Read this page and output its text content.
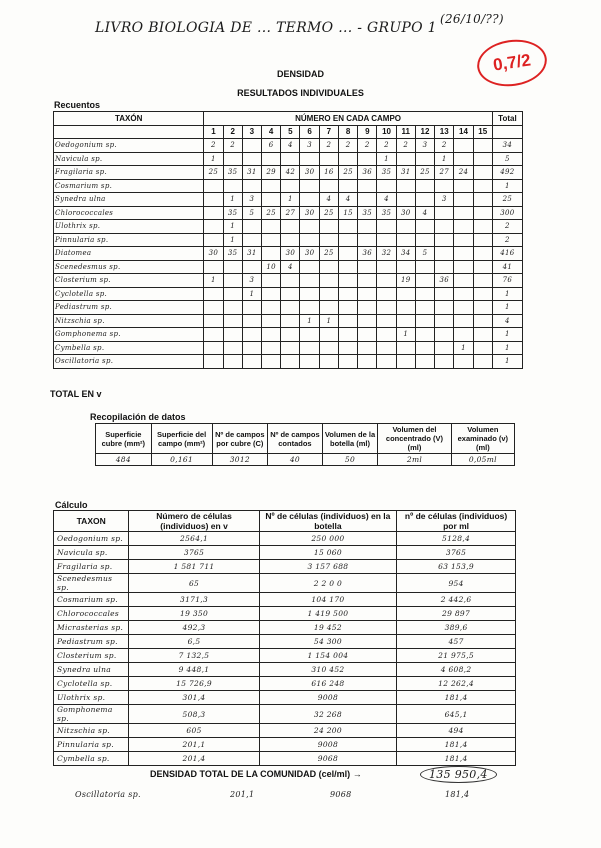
LIVRO BIOLOGIA DE ... TERMO ... - GRUPO 1
(26/10/??)
0,7/2
DENSIDAD
RESULTADOS INDIVIDUALES
Recuentos
TAXÓN	NÚMERO EN CADA CAMPO															Total
	1	2	3	4	5	6	7	8	9	10	11	12	13	14	15	
Oedogonium sp.	2	2		6	4	3	2	2	2	2	2	3	2			34
Navicula sp.	1									1			1			5
Fragilaria sp.	25	35	31	29	42	30	16	25	36	35	31	25	27	24		492
Cosmarium sp.																1
Synedra ulna		1	3		1		4	4		4			3			25
Chlorococcales		35	5	25	27	30	25	15	35	35	30	4				300
Ulothrix sp.		1														2
Pinnularia sp.		1														2
Diatomea	30	35	31		30	30	25		36	32	34	5				416
Scenedesmus sp.				10	4											41
Closterium sp.	1		3								19		36			76
Cyclotella sp.			1													1
Pediastrum sp.																1
Nitzschia sp.						1	1									4
Gomphonema sp.											1					1
Cymbella sp.														1		1
Oscillatoria sp.																1
TOTAL EN v
Recopilación de datos
Superficie cubre (mm²)	Superficie del campo (mm²)	Nº de campos por cubre (C)	Nº de campos contados	Volumen de la botella (ml)	Volumen del concentrado (V) (ml)	Volumen examinado (v) (ml)
484	0,161	3012	40	50	2ml	0,05ml
Cálculo
TAXON	Número de células (individuos) en v	Nº de células (individuos) en la botella	nº de células (individuos) por ml
Oedogonium sp.	2564,1	250 000	5128,4
Navicula sp.	3765	15 060	3765
Fragilaria sp.	1 581 711	3 157 688	63 153,9
Scenedesmus sp.	65	2 2 0 0	954
Cosmarium sp.	3171,3	104 170	2 442,6
Chlorococcales	19 350	1 419 500	29 897
Micrasterias sp.	492,3	19 452	389,6
Pediastrum sp.	6,5	54 300	457
Closterium sp.	7 132,5	1 154 004	21 975,5
Synedra ulna	9 448,1	310 452	4 608,2
Cyclotella sp.	15 726,9	616 248	12 262,4
Ulothrix sp.	301,4	9008	181,4
Gomphonema sp.	508,3	32 268	645,1
Nitzschia sp.	605	24 200	494
Pinnularia sp.	201,1	9008	181,4
Cymbella sp.	201,4	9068	181,4
DENSIDAD TOTAL DE LA COMUNIDAD (cel/ml) →	135 950,4
Oscillatoria sp.	201,1	9068	181,4
